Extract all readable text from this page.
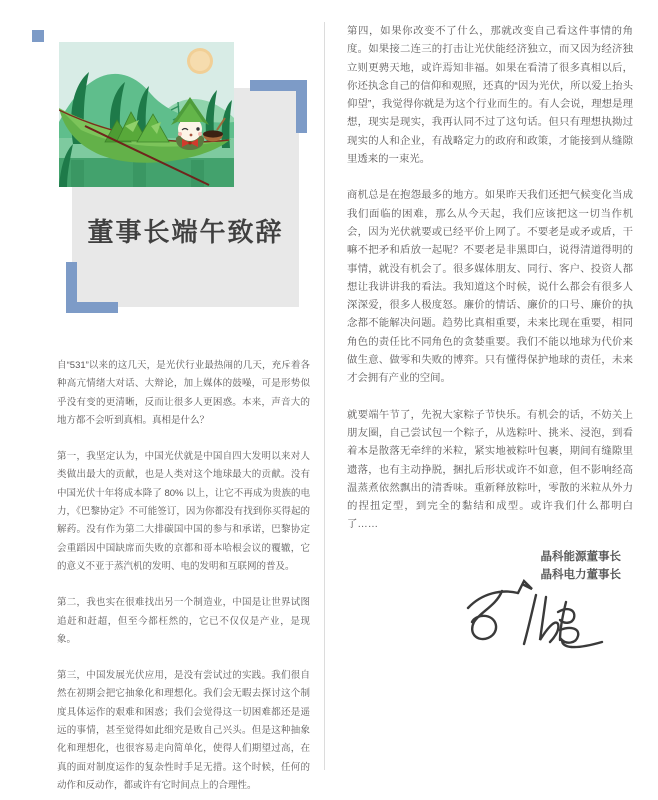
董事长端午致辞

自“531”以来的这几天，是光伏行业最热闹的几天，充斥着各种高亢情绪大对话、大辩论，加上媒体的鼓噪，可是形势似乎没有变的更清晰，反而让很多人更困惑。本来，声音大的地方都不会听到真相。真相是什么？

第一，我坚定认为，中国光伏就是中国自四大发明以来对人类做出最大的贡献，也是人类对这个地球最大的贡献。没有中国光伏十年将成本降了 80% 以上，让它不再成为贵族的电力，《巴黎协定》不可能签订，因为你都没有找到你买得起的解药。没有作为第二大排碳国中国的参与和承诺，巴黎协定会重蹈因中国缺席而失败的京都和哥本哈根会议的覆辙，它的意义不亚于蒸汽机的发明、电的发明和互联网的普及。

第二，我也实在很难找出另一个制造业，中国是让世界试图追赶和赶超，但至今都枉然的，它已不仅仅是产业，是现象。

第三，中国发展光伏应用，是没有尝试过的实践。我们很自然在初期会把它抽象化和理想化。我们会无暇去探讨这个制度具体运作的艰难和困惑；我们会觉得这一切困难都还是遥远的事情，甚至觉得如此细究是败自己兴头。但是这种抽象化和理想化，也很容易走向简单化，使得人们期望过高，在真的面对制度运作的复杂性时手足无措。这个时候，任何的动作和反动作，都或许有它时间点上的合理性。

第四，如果你改变不了什么，那就改变自己看这件事情的角度。如果接二连三的打击让光伏能经济独立，而又因为经济独立则更骋天地，或许焉知非福。如果在看清了很多真相以后，你还执念自己的信仰和观照，还真的“因为光伏，所以爱上抬头仰望”，我觉得你就是为这个行业而生的。有人会说，理想是理想，现实是现实，我再认同不过了这句话。但只有理想执拗过现实的人和企业，有战略定力的政府和政策，才能接到从缝隙里透来的一束光。

商机总是在抱怨最多的地方。如果昨天我们还把气候变化当成我们面临的困难，那么从今天起，我们应该把这一切当作机会，因为光伏就要或已经平价上网了。不要老是或矛或盾，干嘛不把矛和盾放一起呢？不要老是非黑即白，说得清道得明的事情，就没有机会了。很多媒体朋友、同行、客户、投资人都想让我讲讲我的看法。我知道这个时候，说什么都会有很多人深深爱，很多人极度怒。廉价的情话、廉价的口号、廉价的执念都不能解决问题。趋势比真相重要，未来比现在重要，相同角色的责任比不同角色的贪婪重要。我们不能以地球为代价来做生意、做零和失败的博弈。只有懂得保护地球的责任，未来才会拥有产业的空间。

就要端午节了，先祝大家粽子节快乐。有机会的话，不妨关上朋友圈，自己尝试包一个粽子，从选粽叶、挑米、浸泡，到看着本是散落无牵绊的米粒，紧实地被粽叶包裹，期间有缝隙里遗落，也有主动挣脱，捆扎后形状或许不如意，但不影响经高温蒸煮依然飘出的清香味。重新释放粽叶，零散的米粒从外力的捏扭定型，到完全的黏结和成型。或许我们什么都明白了……

晶科能源董事长
晶科电力董事长
